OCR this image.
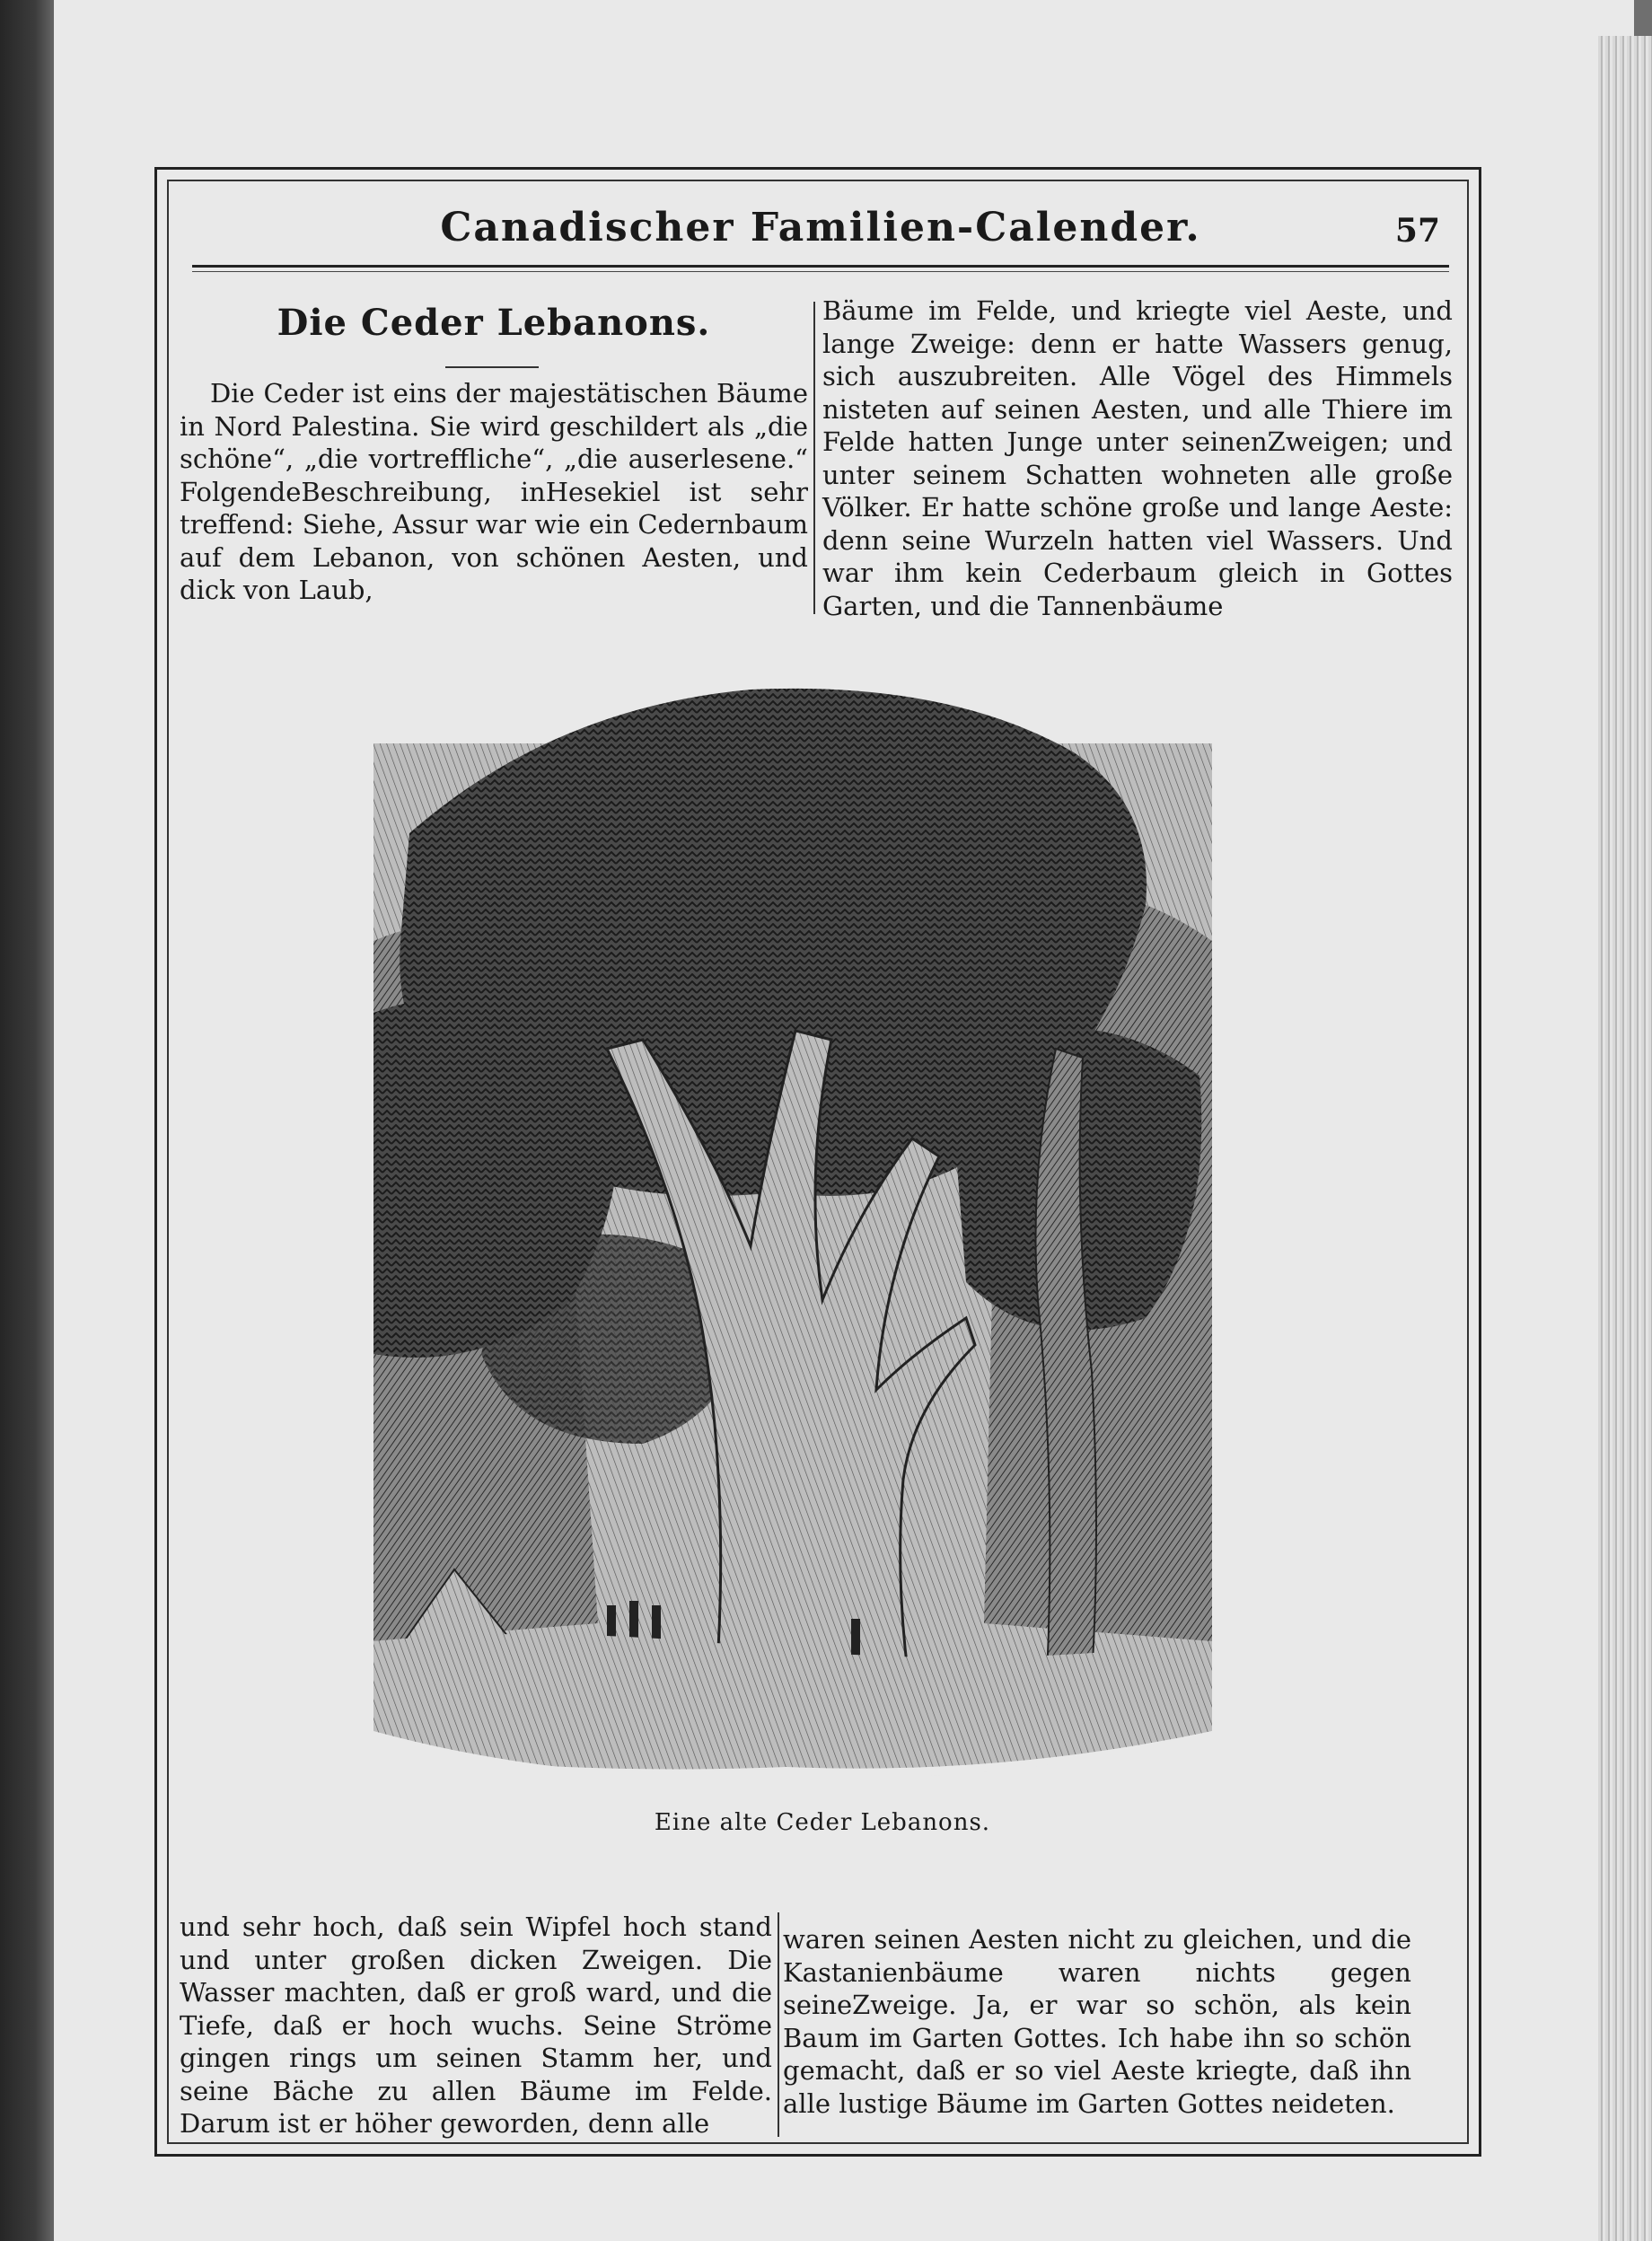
Canadischer Familien-Calender.	57
Die Ceder Lebanons.

Die Ceder ist eins der majestätischen Bäume in Nord Palestina. Sie wird geschildert als „die schöne“, „die vortreffliche“, „die auserlesene.“ FolgendeBeschreibung, inHesekiel ist sehr treffend: Siehe, Assur war wie ein Cedernbaum auf dem Lebanon, von schönen Aesten, und dick von Laub,

Bäume im Felde, und kriegte viel Aeste, und lange Zweige: denn er hatte Wassers genug, sich auszubreiten. Alle Vögel des Himmels nisteten auf seinen Aesten, und alle Thiere im Felde hatten Junge unter seinenZweigen; und unter seinem Schatten wohneten alle große Völker. Er hatte schöne große und lange Aeste: denn seine Wurzeln hatten viel Wassers. Und war ihm kein Cederbaum gleich in Gottes Garten, und die Tannenbäume

Eine alte Ceder Lebanons.

und sehr hoch, daß sein Wipfel hoch stand und unter großen dicken Zweigen. Die Wasser machten, daß er groß ward, und die Tiefe, daß er hoch wuchs. Seine Ströme gingen rings um seinen Stamm her, und seine Bäche zu allen Bäume im Felde. Darum ist er höher geworden, denn alle

waren seinen Aesten nicht zu gleichen, und die Kastanienbäume waren nichts gegen seineZweige. Ja, er war so schön, als kein Baum im Garten Gottes. Ich habe ihn so schön gemacht, daß er so viel Aeste kriegte, daß ihn alle lustige Bäume im Garten Gottes neideten.
